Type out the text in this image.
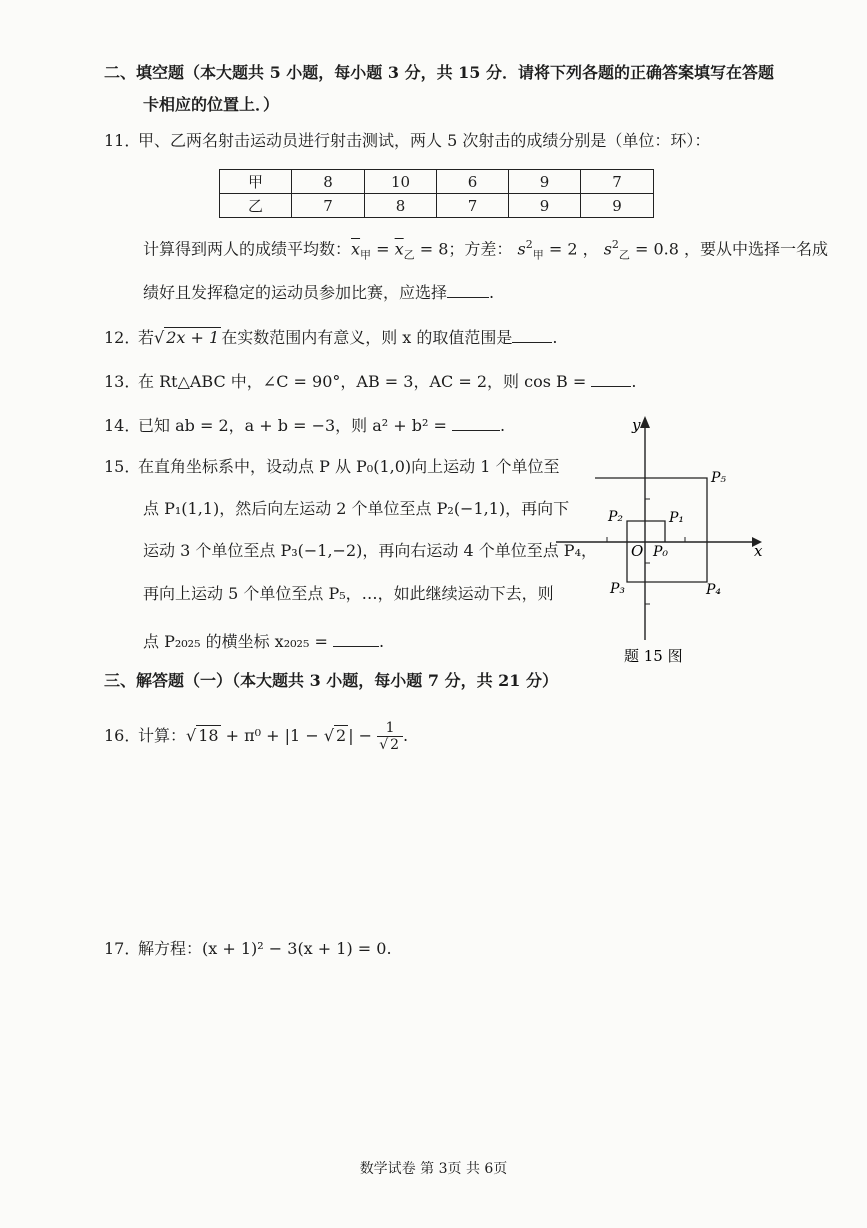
二、填空题（本大题共 5 小题，每小题 3 分，共 15 分．请将下列各题的正确答案填写在答题
卡相应的位置上．）
11．甲、乙两名射击运动员进行射击测试，两人 5 次射击的成绩分别是（单位：环）：
甲	8	10	6	9	7
乙	7	8	7	9	9
计算得到两人的成绩平均数：$\overline{x}_甲 = \overline{x}_乙 = 8$；方差： $s^2_甲 = 2$ ， $s^2_乙 = 0.8$ ，要从中选择一名成
绩好且发挥稳定的运动员参加比赛，应选择	.
12．若√ 2x + 1 在实数范围内有意义，则 x 的取值范围是	.
13．在 Rt△ABC 中，∠C = 90°，AB = 3，AC = 2，则 cos B =	.
14．已知 ab = 2，a + b = −3，则 a² + b² =	.
15．在直角坐标系中，设动点 P 从 P₀(1,0)向上运动 1 个单位至
点 P₁(1,1)，然后向左运动 2 个单位至点 P₂(−1,1)，再向下
运动 3 个单位至点 P₃(−1,−2)，再向右运动 4 个单位至点 P₄，
再向上运动 5 个单位至点 P₅，…，如此继续运动下去，则
点 P₂₀₂₅ 的横坐标 x₂₀₂₅ =	.
y
x
O P₀
P₁
P₂
P₃	P₄
P₅
题 15 图
三、解答题（一）（本大题共 3 小题，每小题 7 分，共 21 分）
16．计算：√ 18 + π⁰ + |1 − √ 2 | − $\frac{1}{√ 2}$ .
17．解方程：(x + 1)² − 3(x + 1) = 0.
数学试卷 第 3页 共 6页
